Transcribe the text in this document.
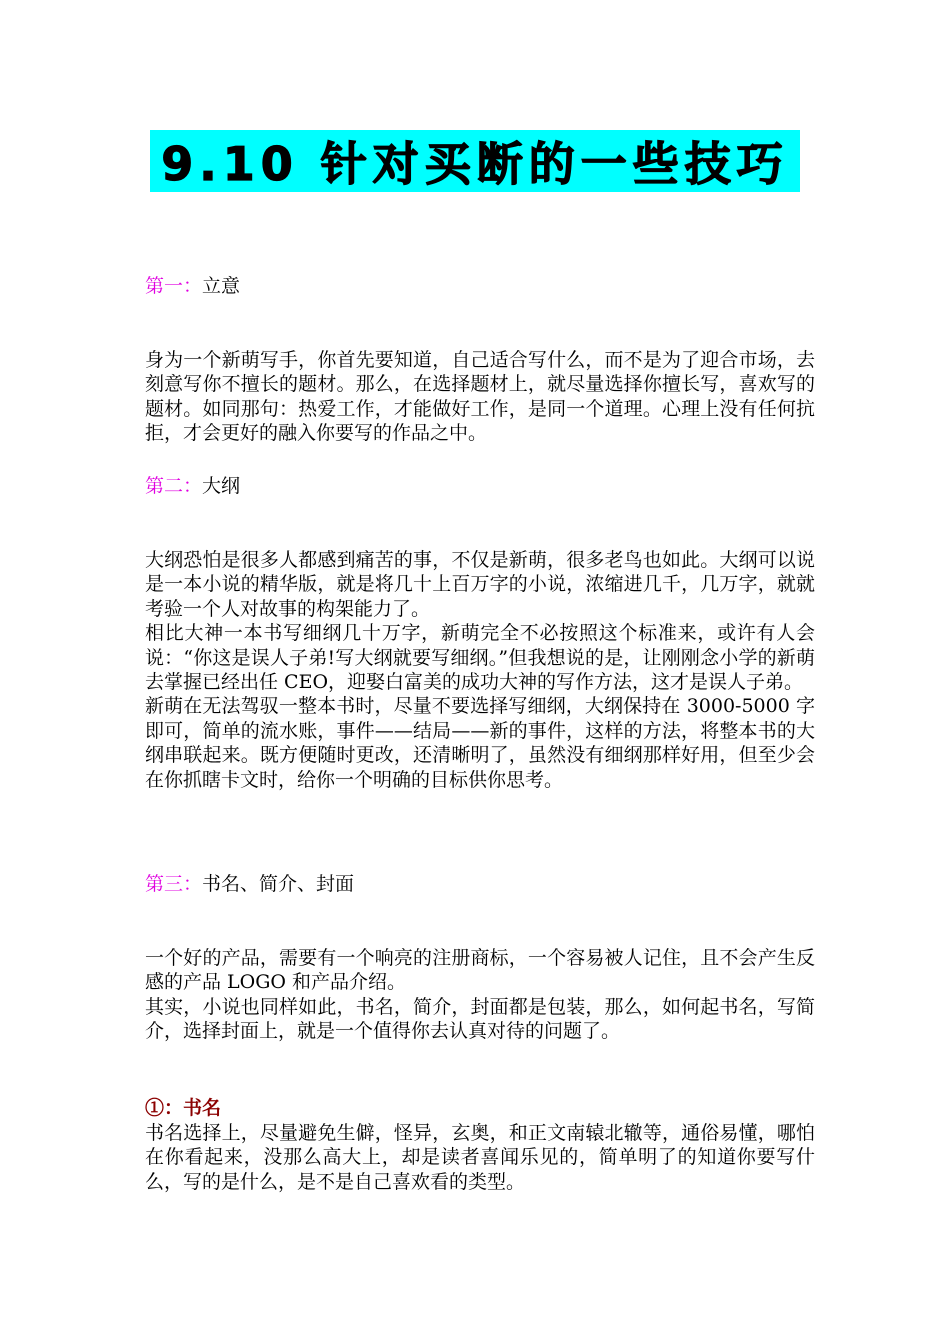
9.10 针对买断的一些技巧
第一：立意

身为一个新萌写手，你首先要知道，自己适合写什么，而不是为了迎合市场，去刻意写你不擅长的题材。那么，在选择题材上，就尽量选择你擅长写，喜欢写的题材。如同那句：热爱工作，才能做好工作，是同一个道理。心理上没有任何抗拒，才会更好的融入你要写的作品之中。

第二：大纲

大纲恐怕是很多人都感到痛苦的事，不仅是新萌，很多老鸟也如此。大纲可以说是一本小说的精华版，就是将几十上百万字的小说，浓缩进几千，几万字，就就考验一个人对故事的构架能力了。

相比大神一本书写细纲几十万字，新萌完全不必按照这个标准来，或许有人会说：“你这是误人子弟!写大纲就要写细纲。”但我想说的是，让刚刚念小学的新萌去掌握已经出任 CEO，迎娶白富美的成功大神的写作方法，这才是误人子弟。

新萌在无法驾驭一整本书时，尽量不要选择写细纲，大纲保持在 3000-5000 字即可，简单的流水账，事件——结局——新的事件，这样的方法，将整本书的大纲串联起来。既方便随时更改，还清晰明了，虽然没有细纲那样好用，但至少会在你抓瞎卡文时，给你一个明确的目标供你思考。

第三：书名、简介、封面

一个好的产品，需要有一个响亮的注册商标，一个容易被人记住，且不会产生反感的产品 LOGO 和产品介绍。

其实，小说也同样如此，书名，简介，封面都是包装，那么，如何起书名，写简介，选择封面上，就是一个值得你去认真对待的问题了。

①：书名

书名选择上，尽量避免生僻，怪异，玄奥，和正文南辕北辙等，通俗易懂，哪怕在你看起来，没那么高大上，却是读者喜闻乐见的，简单明了的知道你要写什么，写的是什么，是不是自己喜欢看的类型。
